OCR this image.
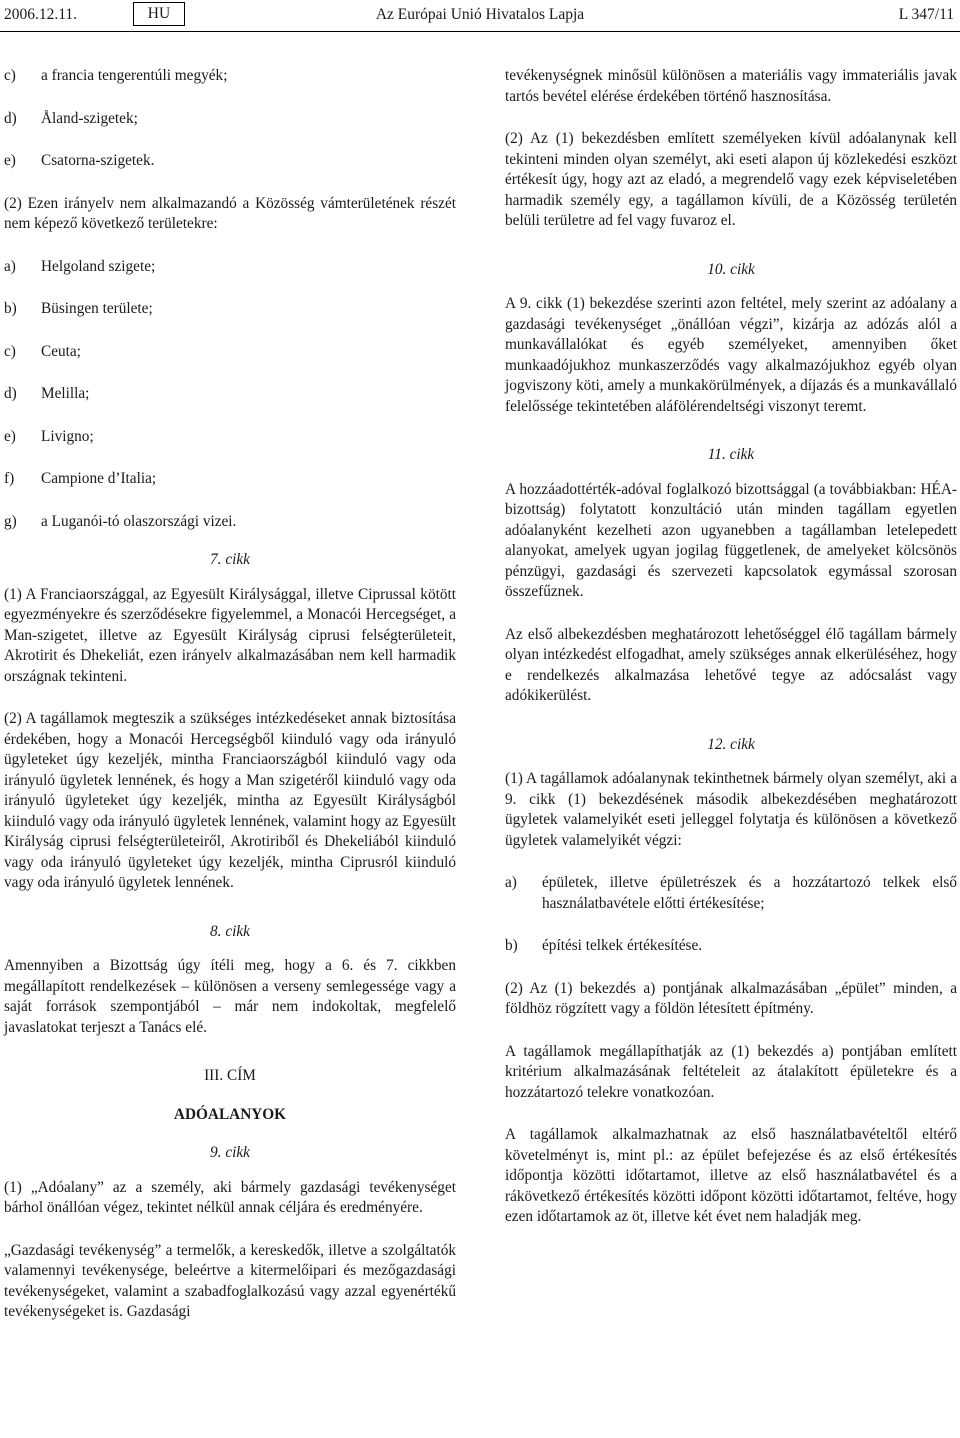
2006.12.11.	HU	Az Európai Unió Hivatalos Lapja	L 347/11
c) a francia tengerentúli megyék;
d) Åland-szigetek;
e) Csatorna-szigetek.

(2) Ezen irányelv nem alkalmazandó a Közösség vámterületének részét nem képező következő területekre:

a) Helgoland szigete;
b) Büsingen területe;
c) Ceuta;
d) Melilla;
e) Livigno;
f) Campione d’Italia;
g) a Luganói-tó olaszországi vizei.
7. cikk

(1) A Franciaországgal, az Egyesült Királysággal, illetve Ciprussal kötött egyezményekre és szerződésekre figyelemmel, a Monacói Hercegséget, a Man-szigetet, illetve az Egyesült Királyság ciprusi felségterületeit, Akrotirit és Dhekeliát, ezen irányelv alkalmazásában nem kell harmadik országnak tekinteni.

(2) A tagállamok megteszik a szükséges intézkedéseket annak biztosítása érdekében, hogy a Monacói Hercegségből kiinduló vagy oda irányuló ügyleteket úgy kezeljék, mintha Franciaországból kiinduló vagy oda irányuló ügyletek lennének, és hogy a Man szigetéről kiinduló vagy oda irányuló ügyleteket úgy kezeljék, mintha az Egyesült Királyságból kiinduló vagy oda irányuló ügyletek lennének, valamint hogy az Egyesült Királyság ciprusi felségterületeiről, Akrotiriből és Dhekeliából kiinduló vagy oda irányuló ügyleteket úgy kezeljék, mintha Ciprusról kiinduló vagy oda irányuló ügyletek lennének.

8. cikk

Amennyiben a Bizottság úgy ítéli meg, hogy a 6. és 7. cikkben megállapított rendelkezések – különösen a verseny semlegessége vagy a saját források szempontjából – már nem indokoltak, megfelelő javaslatokat terjeszt a Tanács elé.

III. CÍM
ADÓALANYOK
9. cikk

(1) „Adóalany” az a személy, aki bármely gazdasági tevékenységet bárhol önállóan végez, tekintet nélkül annak céljára és eredményére.

„Gazdasági tevékenység” a termelők, a kereskedők, illetve a szolgáltatók valamennyi tevékenysége, beleértve a kitermelőipari és mezőgazdasági tevékenységeket, valamint a szabadfoglalkozású vagy azzal egyenértékű tevékenységeket is. Gazdasági

tevékenységnek minősül különösen a materiális vagy immateriális javak tartós bevétel elérése érdekében történő hasznosítása.

(2) Az (1) bekezdésben említett személyeken kívül adóalanynak kell tekinteni minden olyan személyt, aki eseti alapon új közlekedési eszközt értékesít úgy, hogy azt az eladó, a megrendelő vagy ezek képviseletében harmadik személy egy, a tagállamon kívüli, de a Közösség területén belüli területre ad fel vagy fuvaroz el.

10. cikk

A 9. cikk (1) bekezdése szerinti azon feltétel, mely szerint az adóalany a gazdasági tevékenységet „önállóan végzi”, kizárja az adózás alól a munkavállalókat és egyéb személyeket, amennyiben őket munkaadójukhoz munkaszerződés vagy alkalmazójukhoz egyéb olyan jogviszony köti, amely a munkakörülmények, a díjazás és a munkavállaló felelőssége tekintetében aláfölérendeltségi viszonyt teremt.

11. cikk

A hozzáadottérték-adóval foglalkozó bizottsággal (a továbbiakban: HÉA-bizottság) folytatott konzultáció után minden tagállam egyetlen adóalanyként kezelheti azon ugyanebben a tagállamban letelepedett alanyokat, amelyek ugyan jogilag függetlenek, de amelyeket kölcsönös pénzügyi, gazdasági és szervezeti kapcsolatok egymással szorosan összefűznek.

Az első albekezdésben meghatározott lehetőséggel élő tagállam bármely olyan intézkedést elfogadhat, amely szükséges annak elkerüléséhez, hogy e rendelkezés alkalmazása lehetővé tegye az adócsalást vagy adókikerülést.

12. cikk

(1) A tagállamok adóalanynak tekinthetnek bármely olyan személyt, aki a 9. cikk (1) bekezdésének második albekezdésében meghatározott ügyletek valamelyikét eseti jelleggel folytatja és különösen a következő ügyletek valamelyikét végzi:

a) épületek, illetve épületrészek és a hozzátartozó telkek első használatbavétele előtti értékesítése;
b) építési telkek értékesítése.

(2) Az (1) bekezdés a) pontjának alkalmazásában „épület” minden, a földhöz rögzített vagy a földön létesített építmény.

A tagállamok megállapíthatják az (1) bekezdés a) pontjában említett kritérium alkalmazásának feltételeit az átalakított épületekre és a hozzátartozó telekre vonatkozóan.

A tagállamok alkalmazhatnak az első használatbavételtől eltérő követelményt is, mint pl.: az épület befejezése és az első értékesítés időpontja közötti időtartamot, illetve az első használatbavétel és a rákövetkező értékesítés közötti időpont közötti időtartamot, feltéve, hogy ezen időtartamok az öt, illetve két évet nem haladják meg.
